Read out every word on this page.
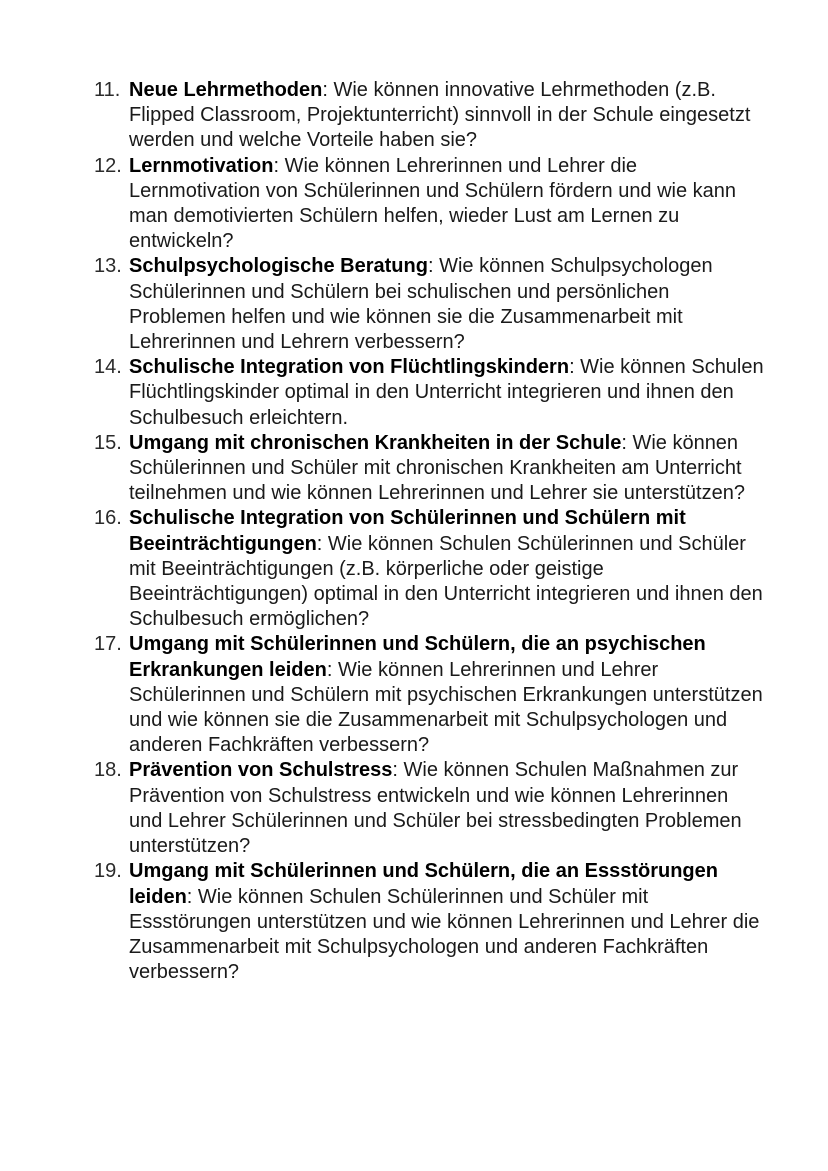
11. Neue Lehrmethoden: Wie können innovative Lehrmethoden (z.B. Flipped Classroom, Projektunterricht) sinnvoll in der Schule eingesetzt werden und welche Vorteile haben sie?
12. Lernmotivation: Wie können Lehrerinnen und Lehrer die Lernmotivation von Schülerinnen und Schülern fördern und wie kann man demotivierten Schülern helfen, wieder Lust am Lernen zu entwickeln?
13. Schulpsychologische Beratung: Wie können Schulpsychologen Schülerinnen und Schülern bei schulischen und persönlichen Problemen helfen und wie können sie die Zusammenarbeit mit Lehrerinnen und Lehrern verbessern?
14. Schulische Integration von Flüchtlingskindern: Wie können Schulen Flüchtlingskinder optimal in den Unterricht integrieren und ihnen den Schulbesuch erleichtern.
15. Umgang mit chronischen Krankheiten in der Schule: Wie können Schülerinnen und Schüler mit chronischen Krankheiten am Unterricht teilnehmen und wie können Lehrerinnen und Lehrer sie unterstützen?
16. Schulische Integration von Schülerinnen und Schülern mit Beeinträchtigungen: Wie können Schulen Schülerinnen und Schüler mit Beeinträchtigungen (z.B. körperliche oder geistige Beeinträchtigungen) optimal in den Unterricht integrieren und ihnen den Schulbesuch ermöglichen?
17. Umgang mit Schülerinnen und Schülern, die an psychischen Erkrankungen leiden: Wie können Lehrerinnen und Lehrer Schülerinnen und Schülern mit psychischen Erkrankungen unterstützen und wie können sie die Zusammenarbeit mit Schulpsychologen und anderen Fachkräften verbessern?
18. Prävention von Schulstress: Wie können Schulen Maßnahmen zur Prävention von Schulstress entwickeln und wie können Lehrerinnen und Lehrer Schülerinnen und Schüler bei stressbedingten Problemen unterstützen?
19. Umgang mit Schülerinnen und Schülern, die an Essstörungen leiden: Wie können Schulen Schülerinnen und Schüler mit Essstörungen unterstützen und wie können Lehrerinnen und Lehrer die Zusammenarbeit mit Schulpsychologen und anderen Fachkräften verbessern?
